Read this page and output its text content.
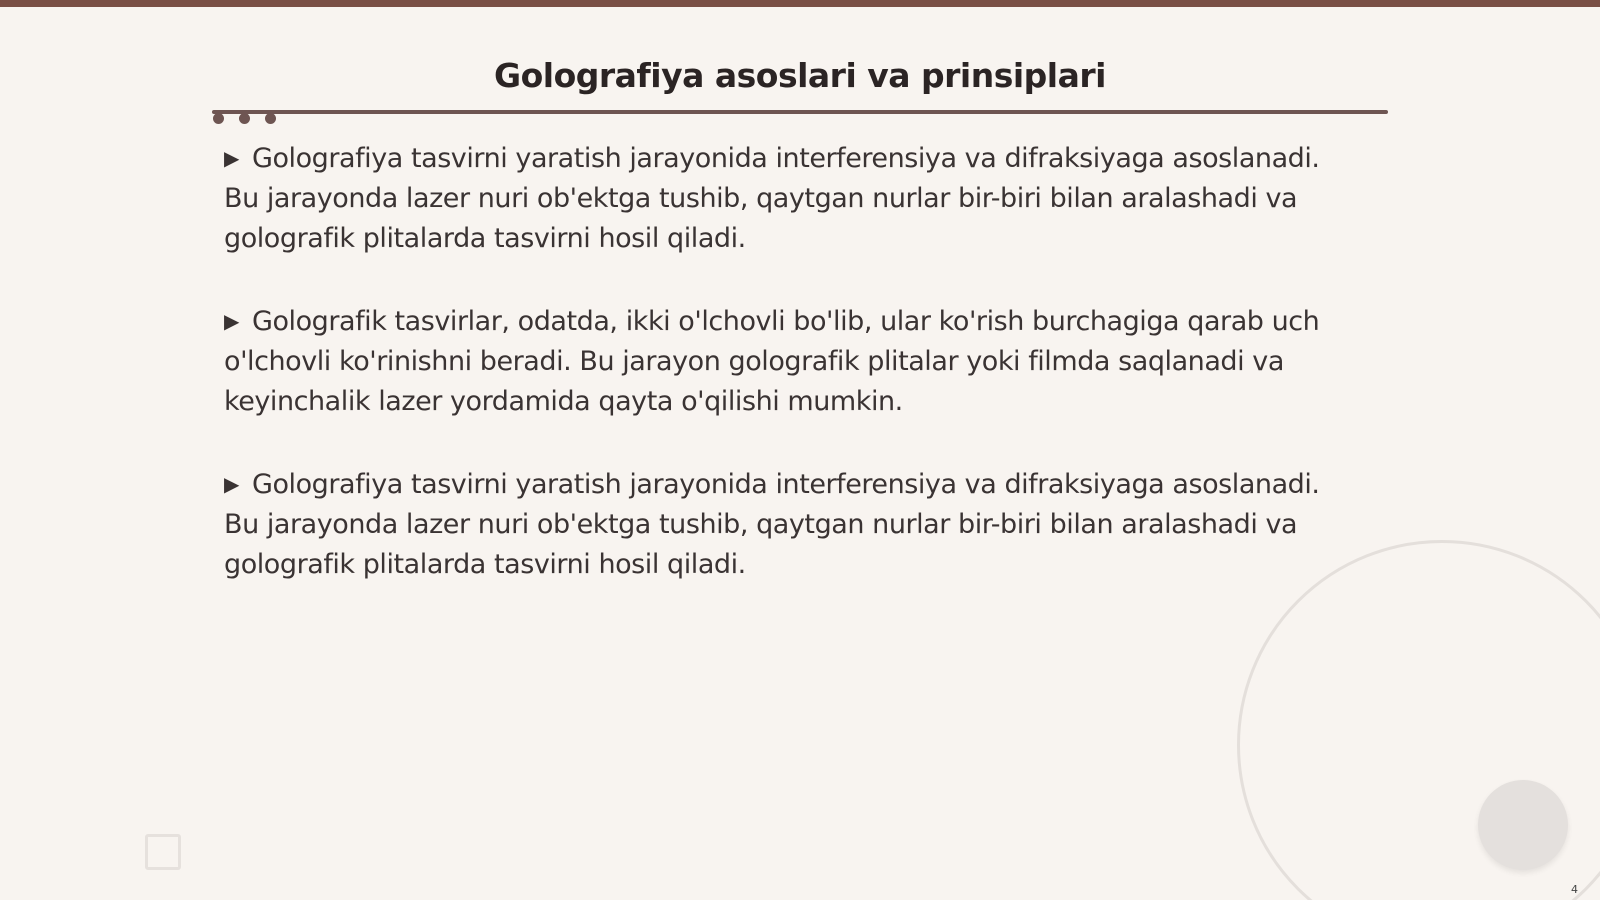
Golografiya asoslari va prinsiplari

▶ Golografiya tasvirni yaratish jarayonida interferensiya va difraksiyaga asoslanadi. Bu jarayonda lazer nuri ob'ektga tushib, qaytgan nurlar bir-biri bilan aralashadi va golografik plitalarda tasvirni hosil qiladi.

▶ Golografik tasvirlar, odatda, ikki o'lchovli bo'lib, ular ko'rish burchagiga qarab uch o'lchovli ko'rinishni beradi. Bu jarayon golografik plitalar yoki filmda saqlanadi va keyinchalik lazer yordamida qayta o'qilishi mumkin.

▶ Golografiya tasvirni yaratish jarayonida interferensiya va difraksiyaga asoslanadi. Bu jarayonda lazer nuri ob'ektga tushib, qaytgan nurlar bir-biri bilan aralashadi va golografik plitalarda tasvirni hosil qiladi.

4
